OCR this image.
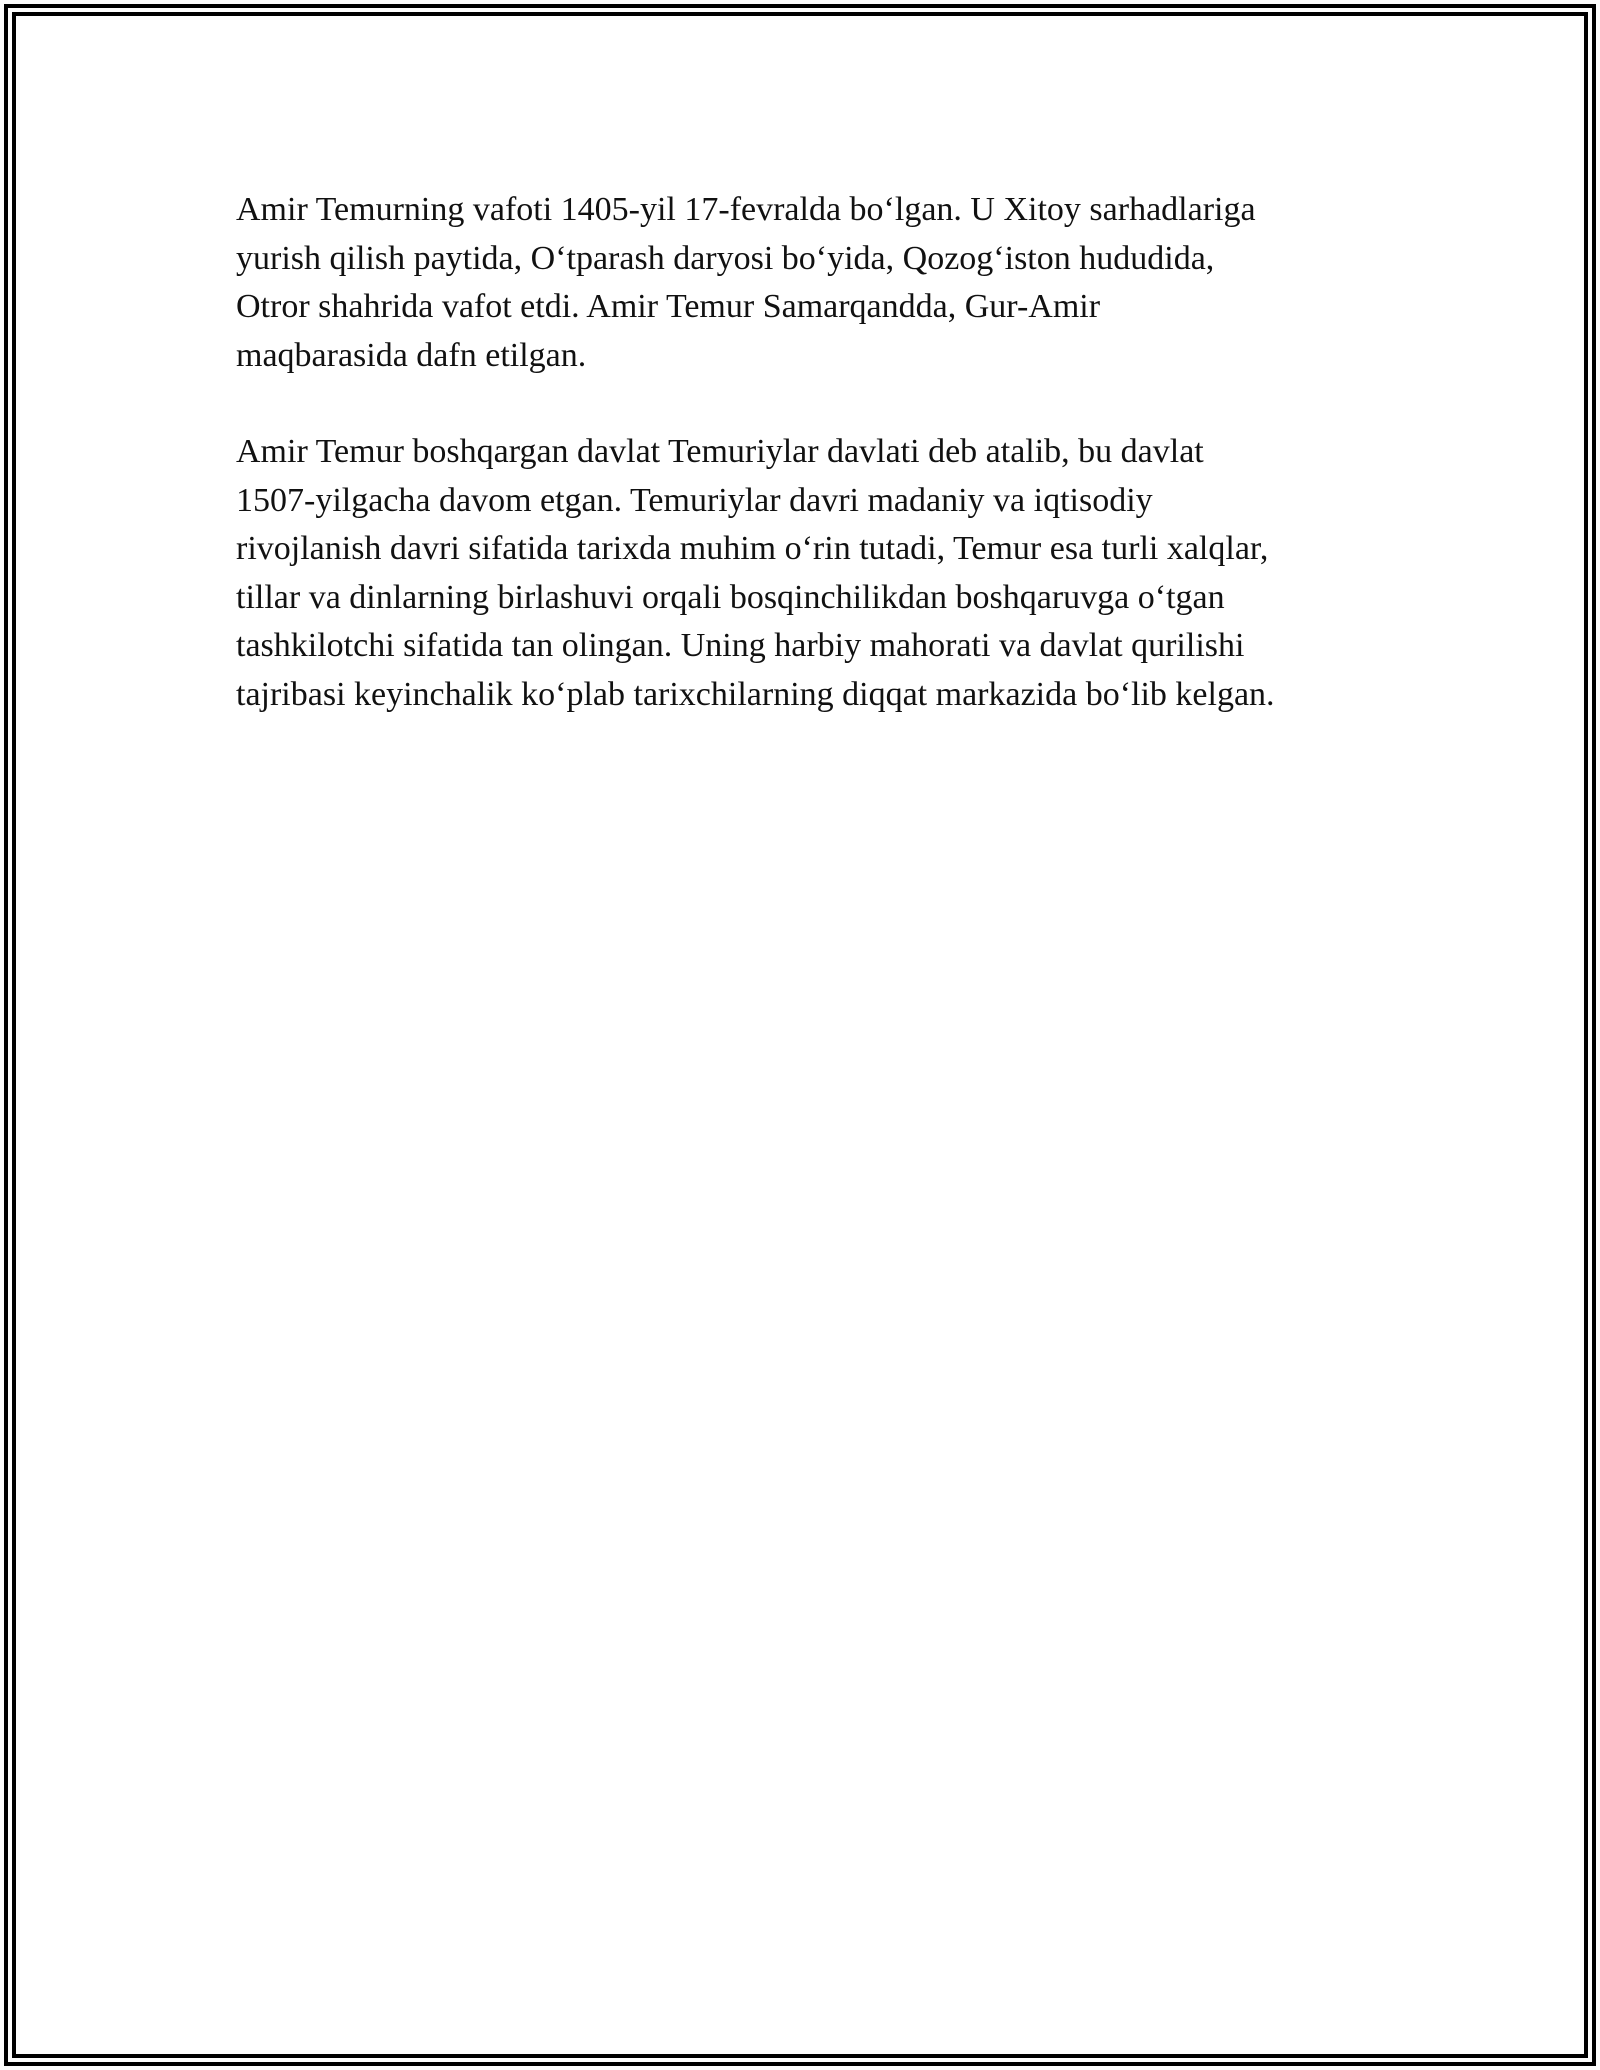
Amir Temurning vafoti 1405-yil 17-fevralda bo‘lgan. U Xitoy sarhadlariga
yurish qilish paytida, O‘tparash daryosi bo‘yida, Qozog‘iston hududida,
Otror shahrida vafot etdi. Amir Temur Samarqandda, Gur-Amir
maqbarasida dafn etilgan.

Amir Temur boshqargan davlat Temuriylar davlati deb atalib, bu davlat
1507-yilgacha davom etgan. Temuriylar davri madaniy va iqtisodiy
rivojlanish davri sifatida tarixda muhim o‘rin tutadi, Temur esa turli xalqlar,
tillar va dinlarning birlashuvi orqali bosqinchilikdan boshqaruvga o‘tgan
tashkilotchi sifatida tan olingan. Uning harbiy mahorati va davlat qurilishi
tajribasi keyinchalik ko‘plab tarixchilarning diqqat markazida bo‘lib kelgan.
